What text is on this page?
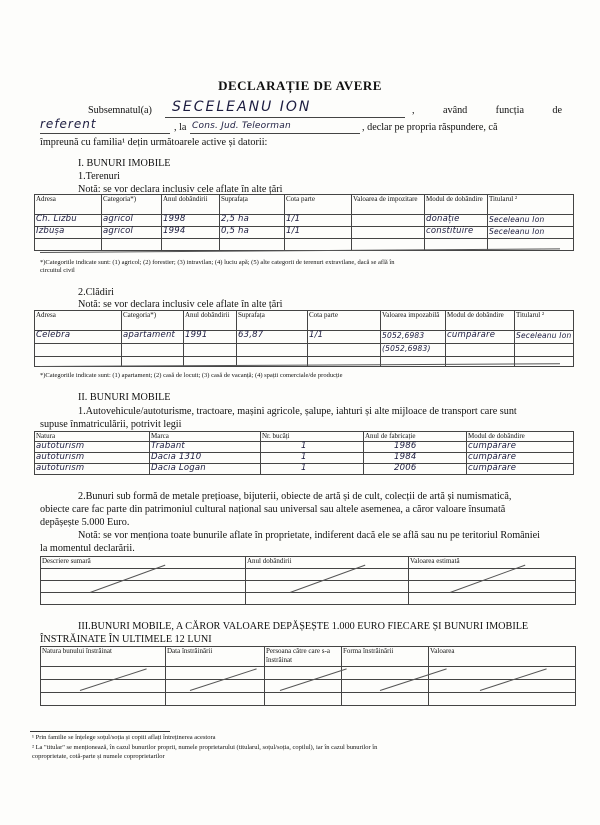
DECLARAȚIE DE AVERE
Subsemnatul(a) SECELEANU ION	, având funcția de
referent	, la Cons. Jud. Teleorman	, declar pe propria răspundere, că
împreună cu familia¹ dețin următoarele active și datorii:
I. BUNURI IMOBILE
1.Terenuri
Notă: se vor declara inclusiv cele aflate în alte țări
Adresa	Categoria*)	Anul dobândirii	Suprafața	Cota parte	Valoarea de impozitare	Modul de dobândire	Titularul ²
Ch. Lizbu	agricol	1998	2,5 ha	1/1		donație	Seceleanu Ion
Izbușa	agricol	1994	0,5 ha	1/1		constituire	Seceleanu Ion

*)Categoriile indicate sunt: (1) agricol; (2) forestier; (3) intravilan; (4) luciu apă; (5) alte categorii de terenuri extravilane, dacă se află în
circuitul civil
2.Clădiri
Notă: se vor declara inclusiv cele aflate în alte țări
Adresa	Categoria*)	Anul dobândirii	Suprafața	Cota parte	Valoarea impozabilă	Modul de dobândire	Titularul ²
Celebra	apartament	1991	63,87	1/1	5052,6983	cumpărare	Seceleanu Ion
					(5052,6983)		

*)Categoriile indicate sunt: (1) apartament; (2) casă de locuit; (3) casă de vacanță; (4) spații comerciale/de producție
II. BUNURI MOBILE
1.Autovehicule/autoturisme, tractoare, mașini agricole, șalupe, iahturi și alte mijloace de transport care sunt
supuse înmatriculării, potrivit legii
Natura	Marca	Nr. bucăți	Anul de fabricație	Modul de dobândire
autoturism	Trabant	1	1986	cumpărare
autoturism	Dacia 1310	1	1984	cumpărare
autoturism	Dacia Logan	1	2006	cumpărare
2.Bunuri sub formă de metale prețioase, bijuterii, obiecte de artă și de cult, colecții de artă și numismatică,
obiecte care fac parte din patrimoniul cultural național sau universal sau altele asemenea, a căror valoare însumată
depășește 5.000 Euro.
Notă: se vor menționa toate bunurile aflate în proprietate, indiferent dacă ele se află sau nu pe teritoriul României
la momentul declarării.
Descriere sumară	Anul dobândirii	Valoarea estimată

III.BUNURI MOBILE, A CĂROR VALOARE DEPĂȘEȘTE 1.000 EURO FIECARE ȘI BUNURI IMOBILE
ÎNSTRĂINATE ÎN ULTIMELE 12 LUNI
Natura bunului înstrăinat	Data înstrăinării	Persoana către care s-a înstrăinat	Forma înstrăinării	Valoarea

¹ Prin familie se înțelege soțul/soția și copiii aflați întreținerea acestora
² La "titular" se menționează, în cazul bunurilor proprii, numele proprietarului (titularul, soțul/soția, copilul), iar în cazul bunurilor în
coproprietate, cotă-parte și numele coproprietarilor
